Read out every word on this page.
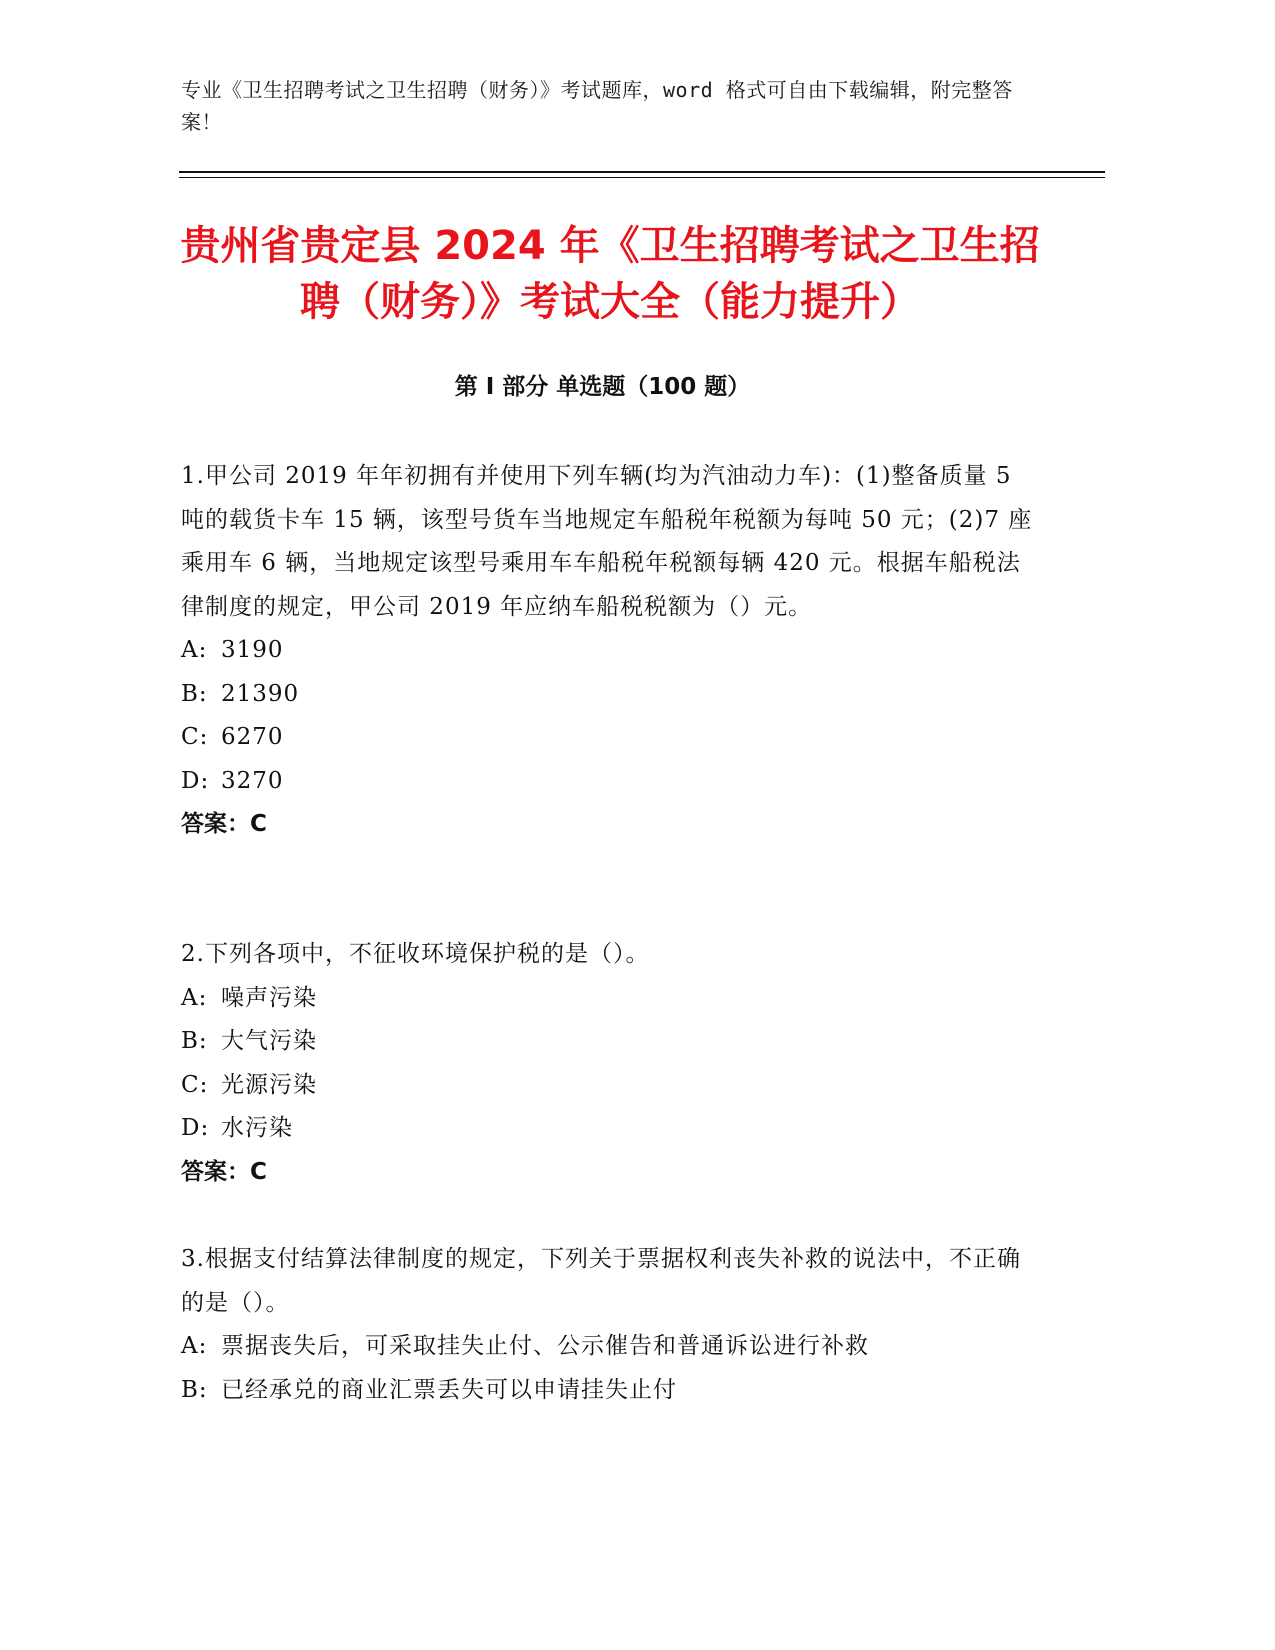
专业《卫生招聘考试之卫生招聘（财务）》考试题库，word 格式可自由下载编辑，附完整答案！
贵州省贵定县 2024 年《卫生招聘考试之卫生招聘（财务）》考试大全（能力提升）
第 I 部分 单选题（100 题）

1.甲公司 2019 年年初拥有并使用下列车辆(均为汽油动力车)：(1)整备质量 5 吨的载货卡车 15 辆，该型号货车当地规定车船税年税额为每吨 50 元；(2)7 座乘用车 6 辆，当地规定该型号乘用车车船税年税额每辆 420 元。根据车船税法律制度的规定，甲公司 2019 年应纳车船税税额为（）元。

A: 3190

B: 21390

C: 6270

D: 3270

答案：C

2.下列各项中，不征收环境保护税的是（）。

A: 噪声污染

B: 大气污染

C: 光源污染

D: 水污染

答案：C

3.根据支付结算法律制度的规定，下列关于票据权利丧失补救的说法中，不正确的是（）。

A: 票据丧失后，可采取挂失止付、公示催告和普通诉讼进行补救

B: 已经承兑的商业汇票丢失可以申请挂失止付
